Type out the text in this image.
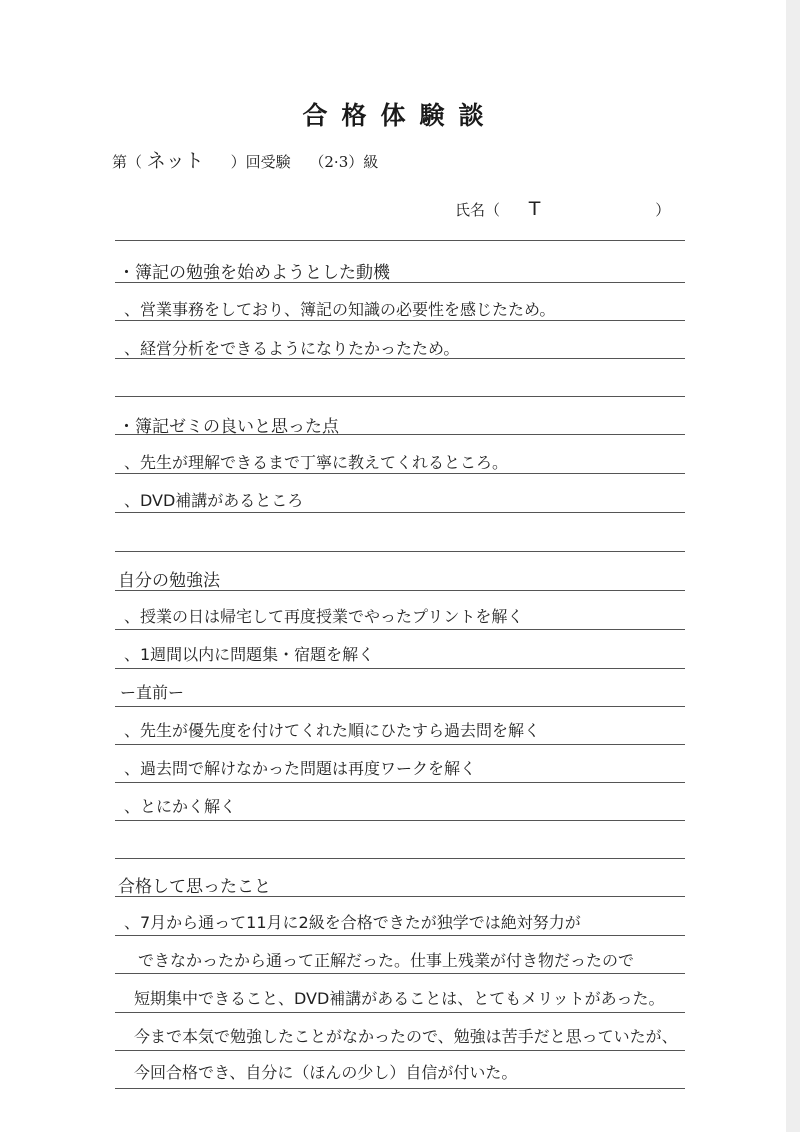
合格体験談
第（ ネット ）回受験 （2·3）級
氏名（ T	）
・簿記の勉強を始めようとした動機
、営業事務をしており、簿記の知識の必要性を感じたため。
、経営分析をできるようになりたかったため。
・簿記ゼミの良いと思った点
、先生が理解できるまで丁寧に教えてくれるところ。
、DVD補講があるところ
自分の勉強法
、授業の日は帰宅して再度授業でやったプリントを解く
、1週間以内に問題集・宿題を解く
ー直前ー
、先生が優先度を付けてくれた順にひたすら過去問を解く
、過去問で解けなかった問題は再度ワークを解く
、とにかく解く
合格して思ったこと
、7月から通って11月に2級を合格できたが独学では絶対努力が
できなかったから通って正解だった。仕事上残業が付き物だったので
短期集中できること、DVD補講があることは、とてもメリットがあった。
今まで本気で勉強したことがなかったので、勉強は苦手だと思っていたが、
今回合格でき、自分に（ほんの少し）自信が付いた。
